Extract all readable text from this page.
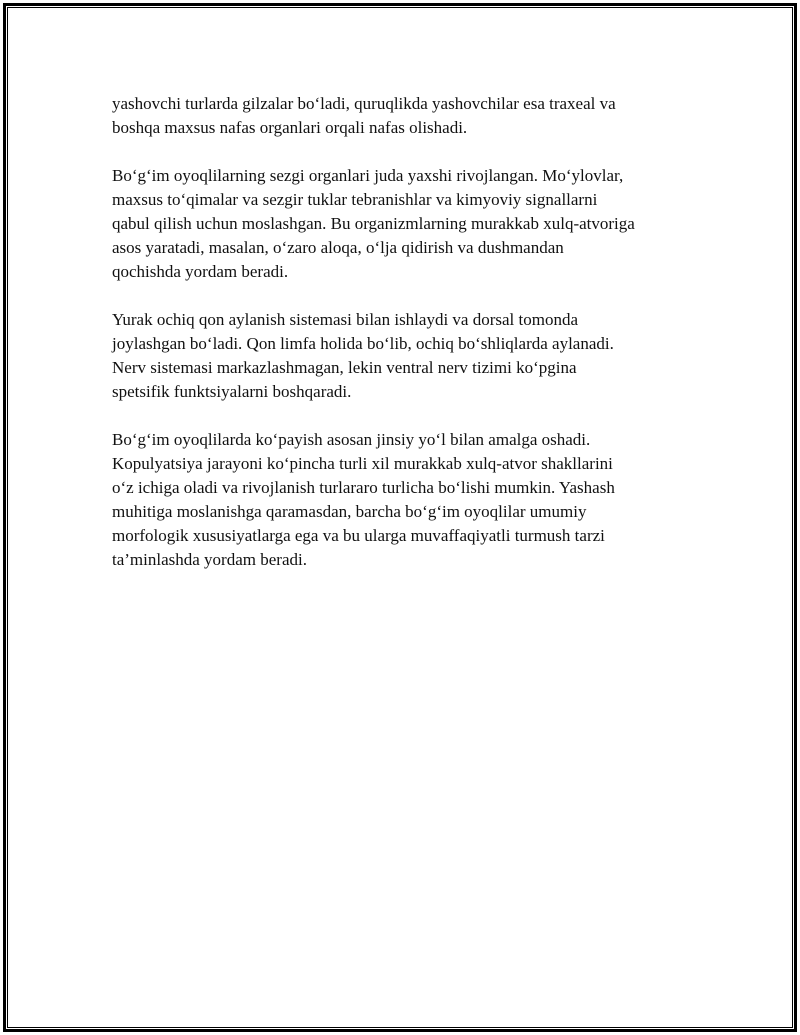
yashovchi turlarda gilzalar bo‘ladi, quruqlikda yashovchilar esa traxeal va
boshqa maxsus nafas organlari orqali nafas olishadi.

Bo‘g‘im oyoqlilarning sezgi organlari juda yaxshi rivojlangan. Mo‘ylovlar,
maxsus to‘qimalar va sezgir tuklar tebranishlar va kimyoviy signallarni
qabul qilish uchun moslashgan. Bu organizmlarning murakkab xulq-atvoriga
asos yaratadi, masalan, o‘zaro aloqa, o‘lja qidirish va dushmandan
qochishda yordam beradi.

Yurak ochiq qon aylanish sistemasi bilan ishlaydi va dorsal tomonda
joylashgan bo‘ladi. Qon limfa holida bo‘lib, ochiq bo‘shliqlarda aylanadi.
Nerv sistemasi markazlashmagan, lekin ventral nerv tizimi ko‘pgina
spetsifik funktsiyalarni boshqaradi.

Bo‘g‘im oyoqlilarda ko‘payish asosan jinsiy yo‘l bilan amalga oshadi.
Kopulyatsiya jarayoni ko‘pincha turli xil murakkab xulq-atvor shakllarini
o‘z ichiga oladi va rivojlanish turlararo turlicha bo‘lishi mumkin. Yashash
muhitiga moslanishga qaramasdan, barcha bo‘g‘im oyoqlilar umumiy
morfologik xususiyatlarga ega va bu ularga muvaffaqiyatli turmush tarzi
ta’minlashda yordam beradi.
